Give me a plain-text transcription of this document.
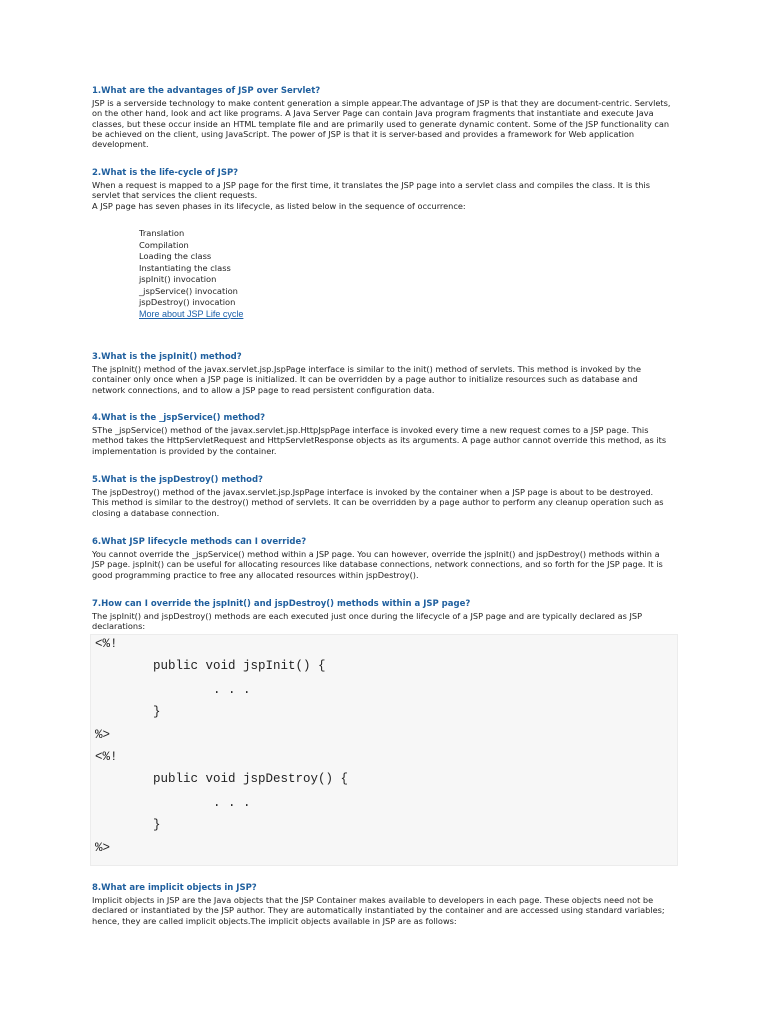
1.What are the advantages of JSP over Servlet?

JSP is a serverside technology to make content generation a simple appear.The advantage of JSP is that they are document-centric. Servlets, on the other hand, look and act like programs. A Java Server Page can contain Java program fragments that instantiate and execute Java classes, but these occur inside an HTML template file and are primarily used to generate dynamic content. Some of the JSP functionality can be achieved on the client, using JavaScript. The power of JSP is that it is server-based and provides a framework for Web application development.

2.What is the life-cycle of JSP?

When a request is mapped to a JSP page for the first time, it translates the JSP page into a servlet class and compiles the class. It is this servlet that services the client requests.

A JSP page has seven phases in its lifecycle, as listed below in the sequence of occurrence:

Translation
Compilation
Loading the class
Instantiating the class
jspInit() invocation
_jspService() invocation
jspDestroy() invocation
More about JSP Life cycle

3.What is the jspInit() method?

The jspInit() method of the javax.servlet.jsp.JspPage interface is similar to the init() method of servlets. This method is invoked by the container only once when a JSP page is initialized. It can be overridden by a page author to initialize resources such as database and network connections, and to allow a JSP page to read persistent configuration data.

4.What is the _jspService() method?

SThe _jspService() method of the javax.servlet.jsp.HttpJspPage interface is invoked every time a new request comes to a JSP page. This method takes the HttpServletRequest and HttpServletResponse objects as its arguments. A page author cannot override this method, as its implementation is provided by the container.

5.What is the jspDestroy() method?

The jspDestroy() method of the javax.servlet.jsp.JspPage interface is invoked by the container when a JSP page is about to be destroyed. This method is similar to the destroy() method of servlets. It can be overridden by a page author to perform any cleanup operation such as closing a database connection.

6.What JSP lifecycle methods can I override?

You cannot override the _jspService() method within a JSP page. You can however, override the jspInit() and jspDestroy() methods within a JSP page. jspInit() can be useful for allocating resources like database connections, network connections, and so forth for the JSP page. It is good programming practice to free any allocated resources within jspDestroy().

7.How can I override the jspInit() and jspDestroy() methods within a JSP page?

The jspInit() and jspDestroy() methods are each executed just once during the lifecycle of a JSP page and are typically declared as JSP declarations:

<%!
public void jspInit() {
. . .
}
%>
<%!
public void jspDestroy() {
. . .
}
%>

8.What are implicit objects in JSP?

Implicit objects in JSP are the Java objects that the JSP Container makes available to developers in each page. These objects need not be declared or instantiated by the JSP author. They are automatically instantiated by the container and are accessed using standard variables; hence, they are called implicit objects.The implicit objects available in JSP are as follows:
